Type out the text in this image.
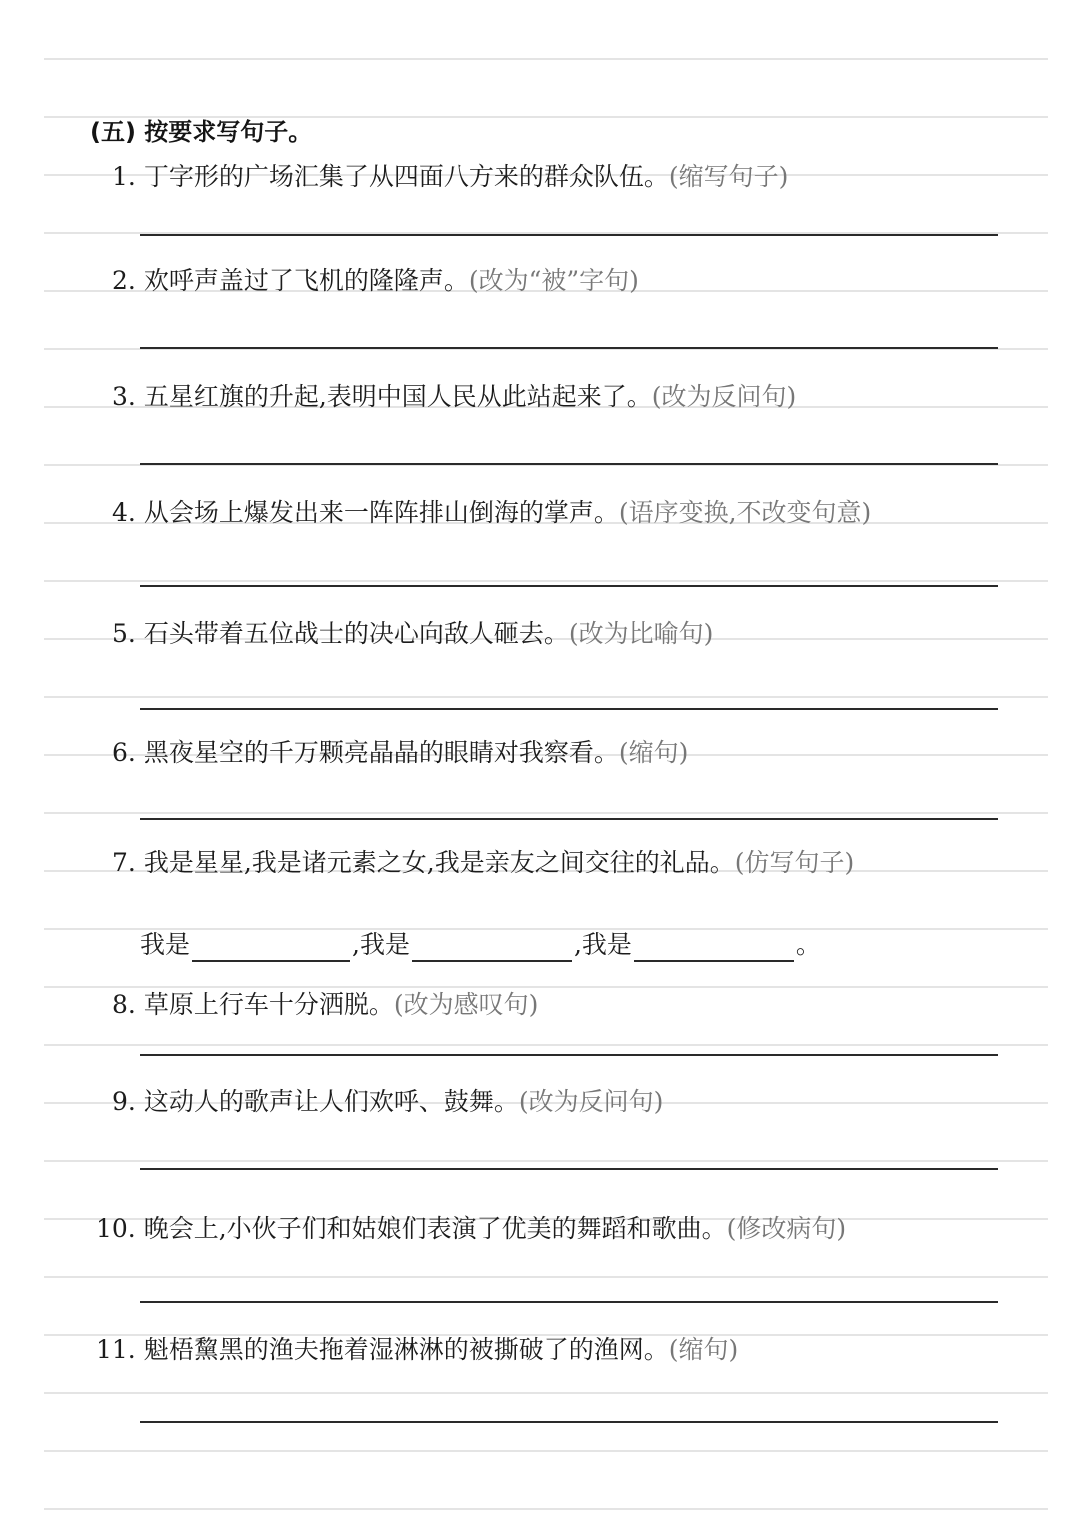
(五) 按要求写句子。
1. 丁字形的广场汇集了从四面八方来的群众队伍。(缩写句子)
2. 欢呼声盖过了飞机的隆隆声。(改为“被”字句)
3. 五星红旗的升起,表明中国人民从此站起来了。(改为反问句)
4. 从会场上爆发出来一阵阵排山倒海的掌声。(语序变换,不改变句意)
5. 石头带着五位战士的决心向敌人砸去。(改为比喻句)
6. 黑夜星空的千万颗亮晶晶的眼睛对我察看。(缩句)
7. 我是星星,我是诸元素之女,我是亲友之间交往的礼品。(仿写句子)
我是	,我是	,我是	。
8. 草原上行车十分洒脱。(改为感叹句)
9. 这动人的歌声让人们欢呼、鼓舞。(改为反问句)
10. 晚会上,小伙子们和姑娘们表演了优美的舞蹈和歌曲。(修改病句)
11. 魁梧黧黑的渔夫拖着湿淋淋的被撕破了的渔网。(缩句)
